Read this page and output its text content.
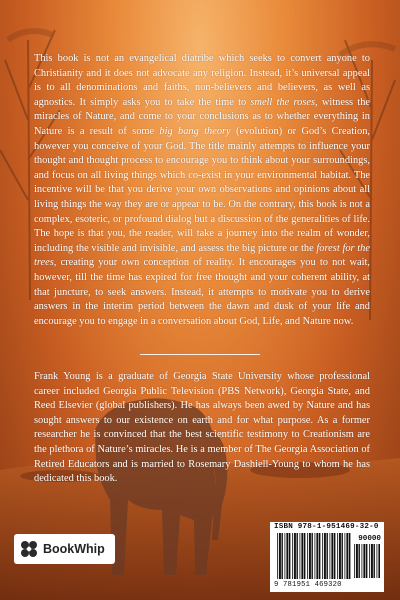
This book is not an evangelical diatribe which seeks to convert anyone to Christianity and it does not advocate any religion. Instead, it’s universal appeal is to all denominations and faiths, non-believers and believers, as well as agnostics. It simply asks you to take the time to smell the roses, witness the miracles of Nature, and come to your conclusions as to whether everything in Nature is a result of some big bang theory (evolution) or God’s Creation, however you conceive of your God. The title mainly attempts to influence your thought and thought process to encourage you to think about your surroundings, and focus on all living things which co-exist in your environmental habitat. The incentive will be that you derive your own observations and opinions about all living things the way they are or appear to be. On the contrary, this book is not a complex, esoteric, or profound dialog but a discussion of the generalities of life. The hope is that you, the reader, will take a journey into the realm of wonder, including the visible and invisible, and assess the big picture or the forest for the trees, creating your own conception of reality. It encourages you to not wait, however, till the time has expired for free thought and your coherent ability, at that juncture, to seek answers. Instead, it attempts to motivate you to derive answers in the interim period between the dawn and dusk of your life and encourage you to engage in a conversation about God, Life, and Nature now.

Frank Young is a graduate of Georgia State University whose professional career included Georgia Public Television (PBS Network), Georgia State, and Reed Elsevier (global publishers). He has always been awed by Nature and has sought answers to our existence on earth and for what purpose. As a former researcher he is convinced that the best scientific testimony to Creationism are the plethora of Nature’s miracles. He is a member of The Georgia Association of Retired Educators and is married to Rosemary Dashiell-Young to whom he has dedicated this book.

BookWhip
ISBN 978-1-951469-32-0
90000
9 781951 469320
